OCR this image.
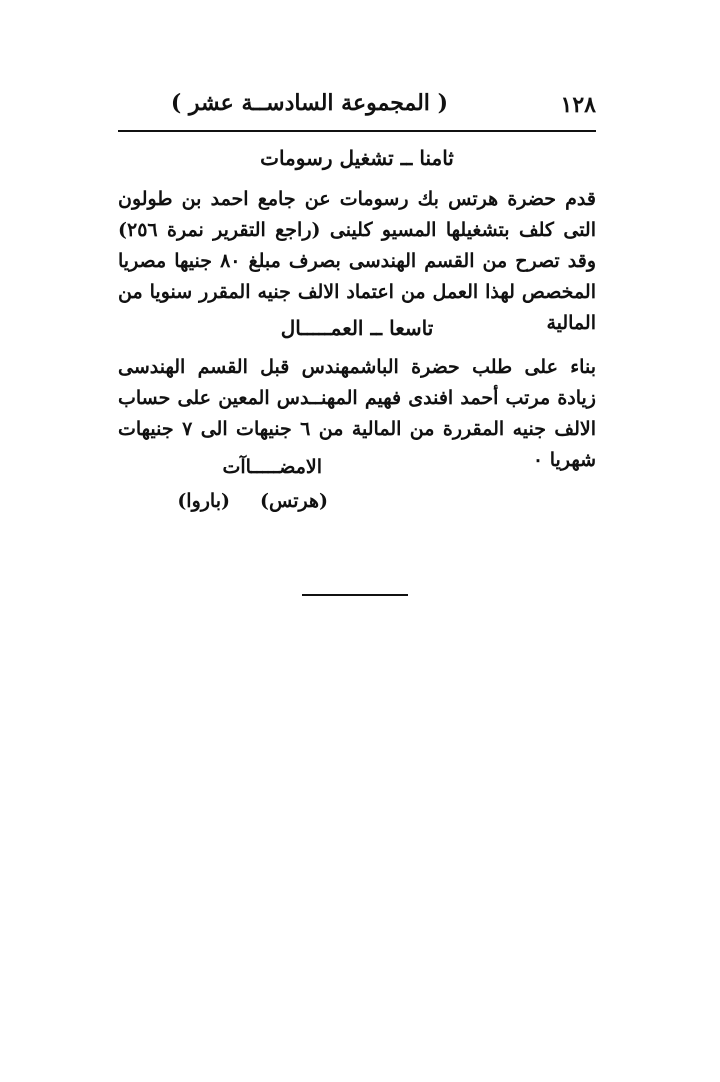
١٢٨
( المجموعة السادســة عشر )
ثامنا ــ تشغيل رسومات
قدم حضرة هرتس بك رسومات عن جامع احمد بن طولون التى كلف بتشغيلها المسيو كلينى (راجع التقرير نمرة ٢٥٦) وقد تصرح من القسم الهندسى بصرف مبلغ ٨٠ جنيها مصريا المخصص لهذا العمل من اعتماد الالف جنيه المقرر سنويا من المالية
تاسعا ــ العمـــــال
بناء على طلب حضرة الباشمهندس قبل القسم الهندسى زيادة مرتب أحمد افندى فهيم المهنــدس المعين على حساب الالف جنيه المقررة من المالية من ٦ جنيهات الى ٧ جنيهات شهريا ٠
الامضـــــاآت
(هرتس)
(باروا)
